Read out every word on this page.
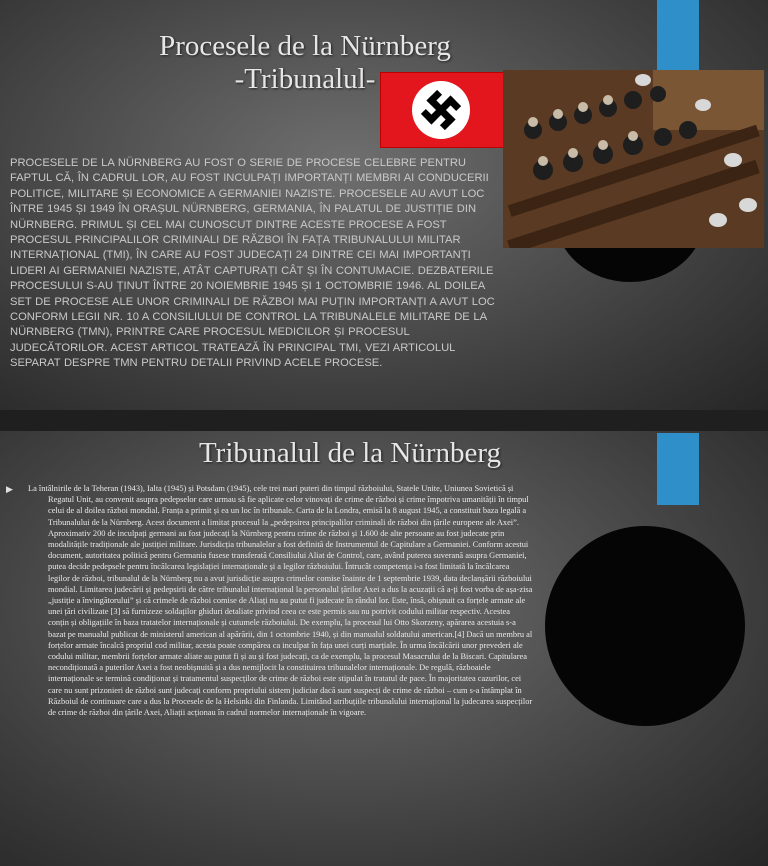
Procesele de la Nürnberg
-Tribunalul-

PROCESELE DE LA NÜRNBERG AU FOST O SERIE DE PROCESE CELEBRE PENTRU FAPTUL CĂ, ÎN CADRUL LOR, AU FOST INCULPAȚI IMPORTANȚI MEMBRI AI CONDUCERII POLITICE, MILITARE ȘI ECONOMICE A GERMANIEI NAZISTE. PROCESELE AU AVUT LOC ÎNTRE 1945 ȘI 1949 ÎN ORAȘUL NÜRNBERG, GERMANIA, ÎN PALATUL DE JUSTIȚIE DIN NÜRNBERG. PRIMUL ȘI CEL MAI CUNOSCUT DINTRE ACESTE PROCESE A FOST PROCESUL PRINCIPALILOR CRIMINALI DE RĂZBOI ÎN FAȚA TRIBUNALULUI MILITAR INTERNAȚIONAL (TMI), ÎN CARE AU FOST JUDECAȚI 24 DINTRE CEI MAI IMPORTANȚI LIDERI AI GERMANIEI NAZISTE, ATÂT CAPTURAȚI CÂT ȘI ÎN CONTUMACIE. DEZBATERILE PROCESULUI S-AU ȚINUT ÎNTRE 20 NOIEMBRIE 1945 ȘI 1 OCTOMBRIE 1946. AL DOILEA SET DE PROCESE ALE UNOR CRIMINALI DE RĂZBOI MAI PUȚIN IMPORTANȚI A AVUT LOC CONFORM LEGII NR. 10 A CONSILIULUI DE CONTROL LA TRIBUNALELE MILITARE DE LA NÜRNBERG (TMN), PRINTRE CARE PROCESUL MEDICILOR ȘI PROCESUL JUDECĂTORILOR. ACEST ARTICOL TRATEAZĂ ÎN PRINCIPAL TMI, VEZI ARTICOLUL SEPARAT DESPRE TMN PENTRU DETALII PRIVIND ACELE PROCESE.

Tribunalul de la Nürnberg
▶ La întâlnirile de la Teheran (1943), Ialta (1945) și Potsdam (1945), cele trei mari puteri din timpul războiului, Statele Unite, Uniunea Sovietică și Regatul Unit, au convenit asupra pedepselor care urmau să fie aplicate celor vinovați de crime de război și crime împotriva umanității în timpul celui de al doilea război mondial. Franța a primit și ea un loc în tribunale. Carta de la Londra, emisă la 8 august 1945, a constituit baza legală a Tribunalului de la Nürnberg. Acest document a limitat procesul la „pedepsirea principalilor criminali de război din țările europene ale Axei”. Aproximativ 200 de inculpați germani au fost judecați la Nürnberg pentru crime de război și 1.600 de alte persoane au fost judecate prin modalitățile tradiționale ale justiției militare. Jurisdicția tribunalelor a fost definită de Instrumentul de Capitulare a Germaniei. Conform acestui document, autoritatea politică pentru Germania fusese transferată Consiliului Aliat de Control, care, având puterea suverană asupra Germaniei, putea decide pedepsele pentru încălcarea legislației internaționale și a legilor războiului. Întrucât competența i-a fost limitată la încălcarea legilor de război, tribunalul de la Nürnberg nu a avut jurisdicție asupra crimelor comise înainte de 1 septembrie 1939, data declanșării războiului mondial. Limitarea judecării și pedepsirii de către tribunalul internațional la personalul țărilor Axei a dus la acuzații că a-ți fost vorba de așa-zisa „justiție a învingătorului” și că crimele de război comise de Aliați nu au putut fi judecate în rândul lor. Este, însă, obișnuit ca forțele armate ale unei țări civilizate [3] să furnizeze soldaților ghiduri detaliate privind ceea ce este permis sau nu potrivit codului militar respectiv. Acestea conțin și obligațiile în baza tratatelor internaționale și cutumele războiului. De exemplu, la procesul lui Otto Skorzeny, apărarea acestuia s-a bazat pe manualul publicat de ministerul american al apărării, din 1 octombrie 1940, și din manualul soldatului american.[4] Dacă un membru al forțelor armate încalcă propriul cod militar, acesta poate compărea ca inculpat în fața unei curți marțiale. În urma încălcării unor prevederi ale codului militar, membrii forțelor armate aliate au putut fi și au și fost judecați, ca de exemplu, la procesul Masacrului de la Biscari. Capitularea necondiționată a puterilor Axei a fost neobișnuită și a dus nemijlocit la constituirea tribunalelor internaționale. De regulă, războaiele internaționale se termină condiționat și tratamentul suspecților de crime de război este stipulat în tratatul de pace. În majoritatea cazurilor, cei care nu sunt prizonieri de război sunt judecați conform propriului sistem judiciar dacă sunt suspecți de crime de război – cum s-a întâmplat în Războiul de continuare care a dus la Procesele de la Helsinki din Finlanda. Limitând atribuțiile tribunalului internațional la judecarea suspecților de crime de război din țările Axei, Aliații acționau în cadrul normelor internaționale în vigoare.
